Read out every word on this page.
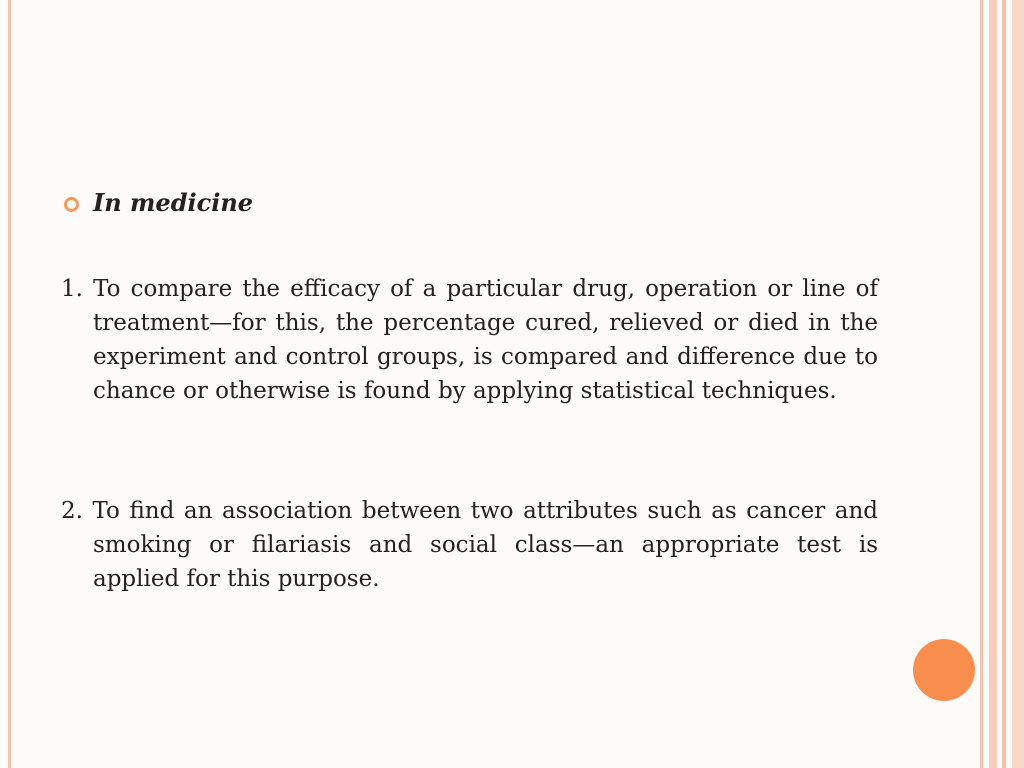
In medicine

1. To compare the efficacy of a particular drug, operation or line of treatment—for this, the percentage cured, relieved or died in the experiment and control groups, is compared and difference due to chance or otherwise is found by applying statistical techniques.

2. To find an association between two attributes such as cancer and smoking or filariasis and social class—an appropriate test is applied for this purpose.
